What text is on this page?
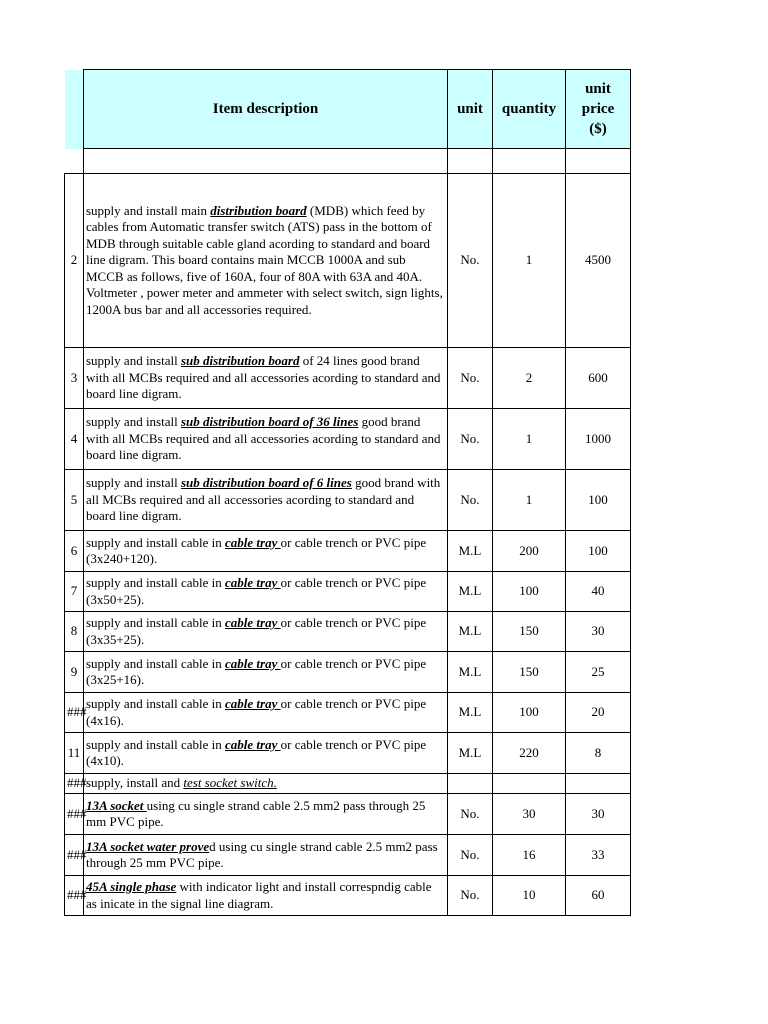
	Item description	unit	quantity	unit price ($)

2	supply and install main distribution board (MDB) which feed by cables from Automatic transfer switch (ATS) pass in the bottom of MDB through suitable cable gland acording to standard and board line digram. This board contains main MCCB 1000A and sub MCCB as follows, five of 160A, four of 80A with 63A and 40A. Voltmeter , power meter and ammeter with select switch, sign lights, 1200A bus bar and all accessories required.	No.	1	4500
3	supply and install sub distribution board of 24 lines good brand with all MCBs required and all accessories acording to standard and board line digram.	No.	2	600
4	supply and install sub distribution board of 36 lines good brand with all MCBs required and all accessories acording to standard and board line digram.	No.	1	1000
5	supply and install sub distribution board of 6 lines good brand with all MCBs required and all accessories acording to standard and board line digram.	No.	1	100
6	supply and install cable in cable tray or cable trench or PVC pipe (3x240+120).	M.L	200	100
7	supply and install cable in cable tray or cable trench or PVC pipe (3x50+25).	M.L	100	40
8	supply and install cable in cable tray or cable trench or PVC pipe (3x35+25).	M.L	150	30
9	supply and install cable in cable tray or cable trench or PVC pipe (3x25+16).	M.L	150	25
###	supply and install cable in cable tray or cable trench or PVC pipe (4x16).	M.L	100	20
11	supply and install cable in cable tray or cable trench or PVC pipe (4x10).	M.L	220	8
###	supply, install and test socket switch.			
###	13A socket using cu single strand cable 2.5 mm2 pass through 25 mm PVC pipe.	No.	30	30
###	13A socket water proved using cu single strand cable 2.5 mm2 pass through 25 mm PVC pipe.	No.	16	33
###	45A single phase with indicator light and install correspndig cable as inicate in the signal line diagram.	No.	10	60
